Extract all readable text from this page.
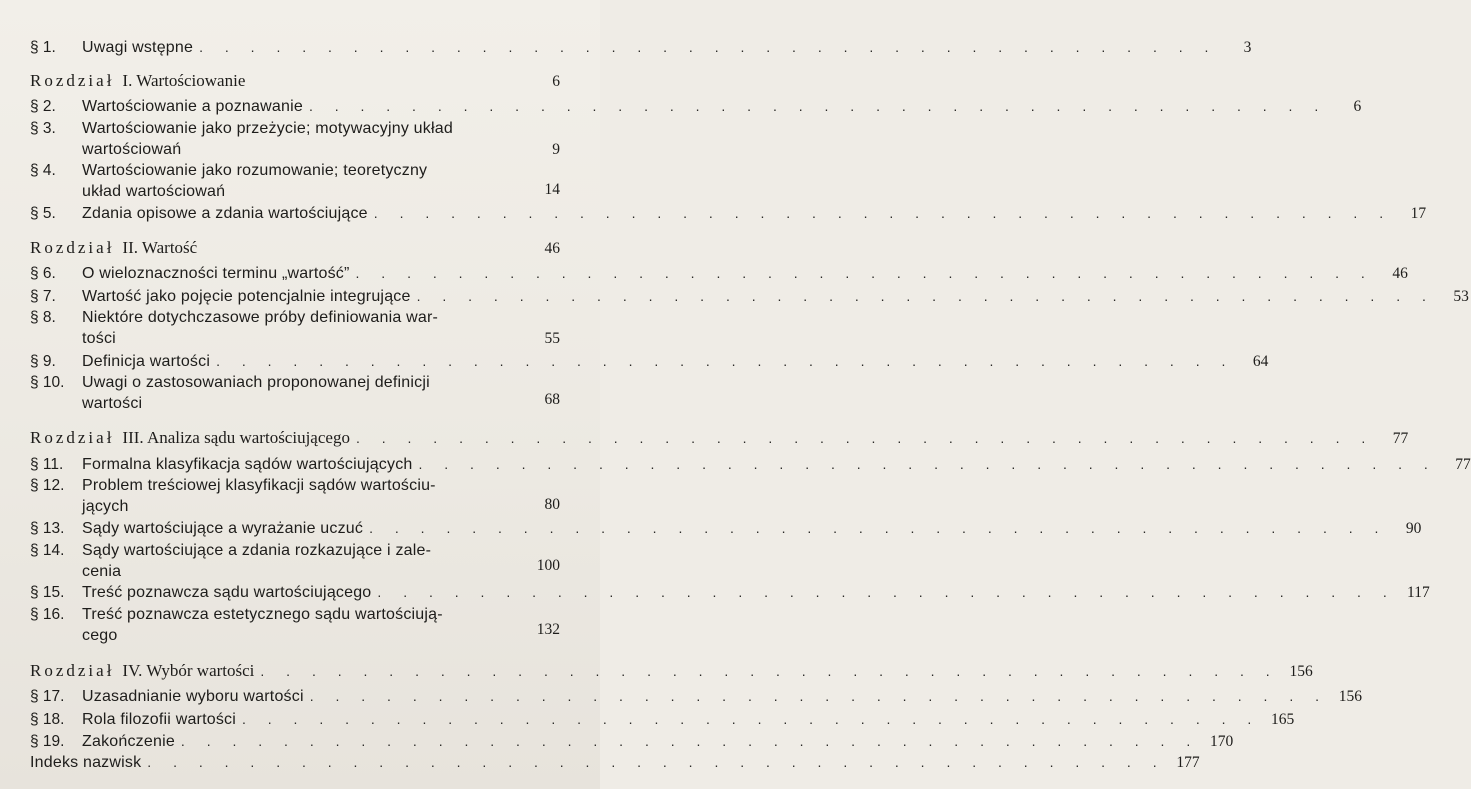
§ 1.	Uwagi wstępne . . . . . . . . . . . . . . . . . . . . . . . . . . . . . . . . . . . . . . . .	3
Rozdział I. Wartościowanie	6
§ 2.	Wartościowanie a poznawanie . . . . . . . . . . . . . . . . . . . . . . . . . . . . . . . . . . . . . . . .	6
§ 3.	Wartościowanie jako przeżycie; motywacyjny układ
wartościowań	9
§ 4.	Wartościowanie jako rozumowanie; teoretyczny
układ wartościowań	14
§ 5.	Zdania opisowe a zdania wartościujące . . . . . . . . . . . . . . . . . . . . . . . . . . . . . . . . . . . . . . . .	17
Rozdział II. Wartość	46
§ 6.	O wieloznaczności terminu „wartość” . . . . . . . . . . . . . . . . . . . . . . . . . . . . . . . . . . . . . . . .	46
§ 7.	Wartość jako pojęcie potencjalnie integrujące . . . . . . . . . . . . . . . . . . . . . . . . . . . . . . . . . . . . . . . .	53
§ 8.	Niektóre dotychczasowe próby definiowania war-
tości	55
§ 9.	Definicja wartości . . . . . . . . . . . . . . . . . . . . . . . . . . . . . . . . . . . . . . . .	64
§ 10.	Uwagi o zastosowaniach proponowanej definicji
wartości	68
Rozdział III. Analiza sądu wartościującego . . . . . . . . . . . . . . . . . . . . . . . . . . . . . . . . . . . . . . . .	77
§ 11.	Formalna klasyfikacja sądów wartościujących . . . . . . . . . . . . . . . . . . . . . . . . . . . . . . . . . . . . . . . .	77
§ 12.	Problem treściowej klasyfikacji sądów wartościu-
jących	80
§ 13.	Sądy wartościujące a wyrażanie uczuć . . . . . . . . . . . . . . . . . . . . . . . . . . . . . . . . . . . . . . . .	90
§ 14.	Sądy wartościujące a zdania rozkazujące i zale-
cenia	100
§ 15.	Treść poznawcza sądu wartościującego . . . . . . . . . . . . . . . . . . . . . . . . . . . . . . . . . . . . . . . . 117
§ 16.	Treść poznawcza estetycznego sądu wartościują-
cego	132
Rozdział IV. Wybór wartości . . . . . . . . . . . . . . . . . . . . . . . . . . . . . . . . . . . . . . . . 156
§ 17.	Uzasadnianie wyboru wartości . . . . . . . . . . . . . . . . . . . . . . . . . . . . . . . . . . . . . . . . 156
§ 18.	Rola filozofii wartości . . . . . . . . . . . . . . . . . . . . . . . . . . . . . . . . . . . . . . . . 165
§ 19.	Zakończenie . . . . . . . . . . . . . . . . . . . . . . . . . . . . . . . . . . . . . . . . 170
Indeks nazwisk . . . . . . . . . . . . . . . . . . . . . . . . . . . . . . . . . . . . . . . . 177
